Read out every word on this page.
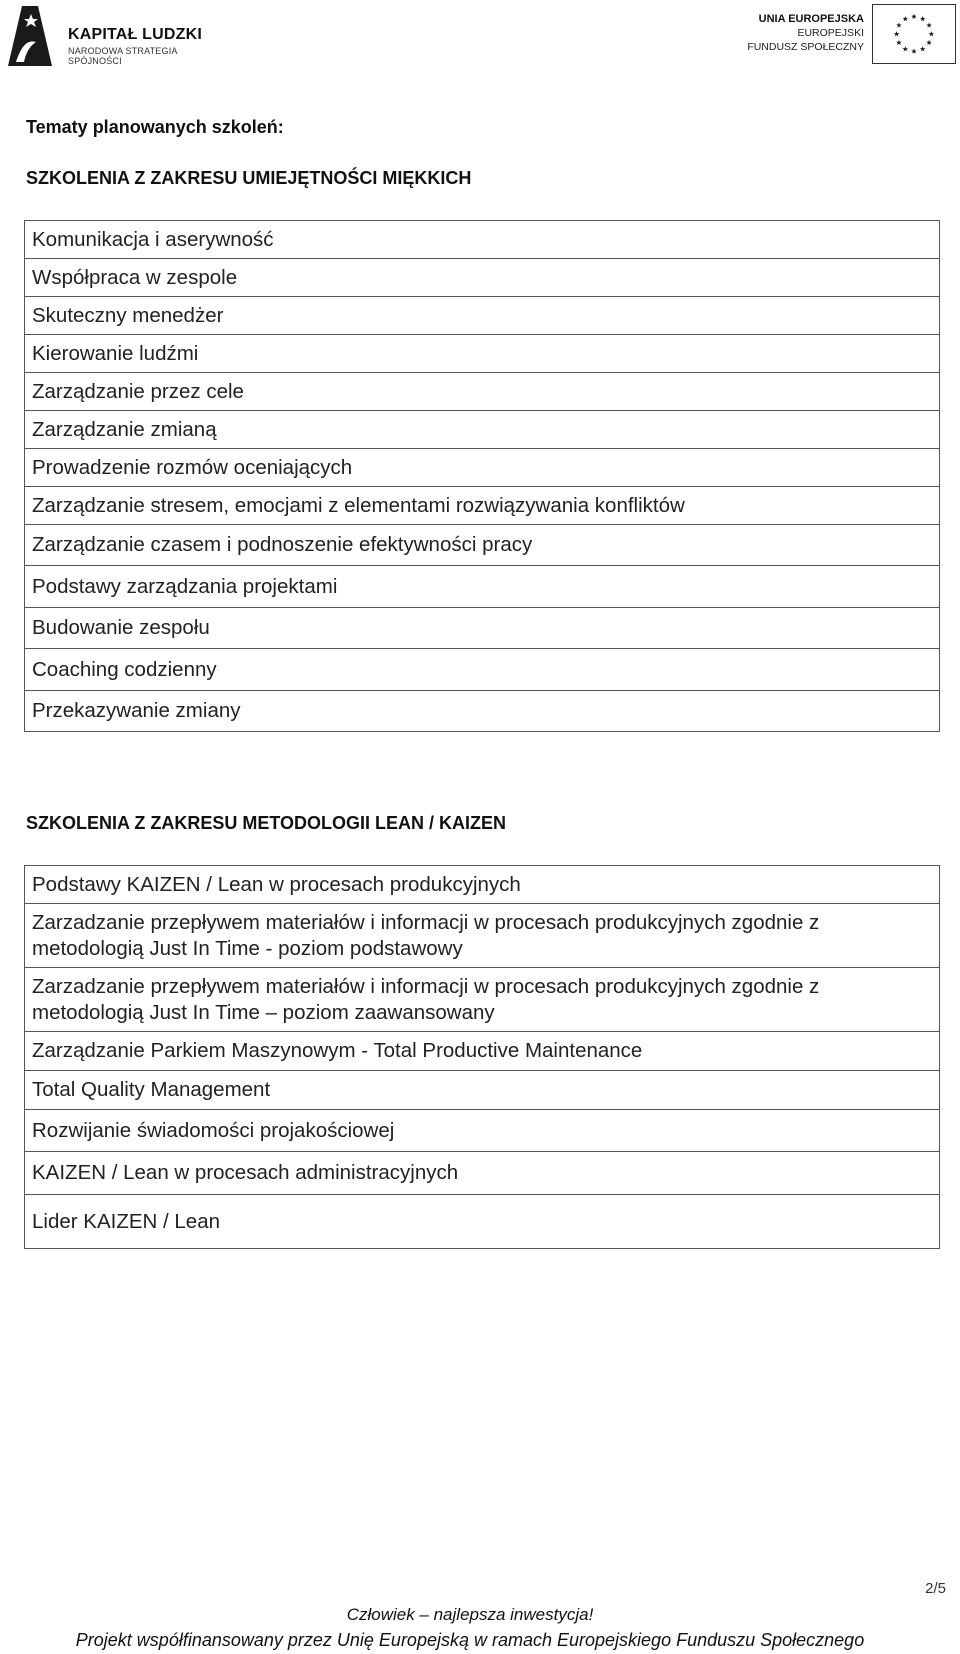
KAPITAŁ LUDZKI
NARODOWA STRATEGIA SPÓJNOŚCI
UNIA EUROPEJSKA
EUROPEJSKI
FUNDUSZ SPOŁECZNY
Tematy planowanych szkoleń:
SZKOLENIA Z ZAKRESU UMIEJĘTNOŚCI MIĘKKICH
Komunikacja i aserywność
Współpraca w zespole
Skuteczny menedżer
Kierowanie ludźmi
Zarządzanie przez cele
Zarządzanie zmianą
Prowadzenie rozmów oceniających
Zarządzanie stresem, emocjami z elementami rozwiązywania konfliktów
Zarządzanie czasem i podnoszenie efektywności pracy
Podstawy zarządzania projektami
Budowanie zespołu
Coaching codzienny
Przekazywanie zmiany
SZKOLENIA Z ZAKRESU METODOLOGII LEAN / KAIZEN
Podstawy KAIZEN / Lean w procesach produkcyjnych
Zarzadzanie przepływem materiałów i informacji w procesach produkcyjnych zgodnie z metodologią Just In Time - poziom podstawowy
Zarzadzanie przepływem materiałów i informacji w procesach produkcyjnych zgodnie z metodologią Just In Time – poziom zaawansowany
Zarządzanie Parkiem Maszynowym - Total Productive Maintenance
Total Quality Management
Rozwijanie świadomości projakościowej
KAIZEN / Lean w procesach administracyjnych
Lider KAIZEN / Lean
2/5
Człowiek – najlepsza inwestycja!
Projekt współfinansowany przez Unię Europejską w ramach Europejskiego Funduszu Społecznego
